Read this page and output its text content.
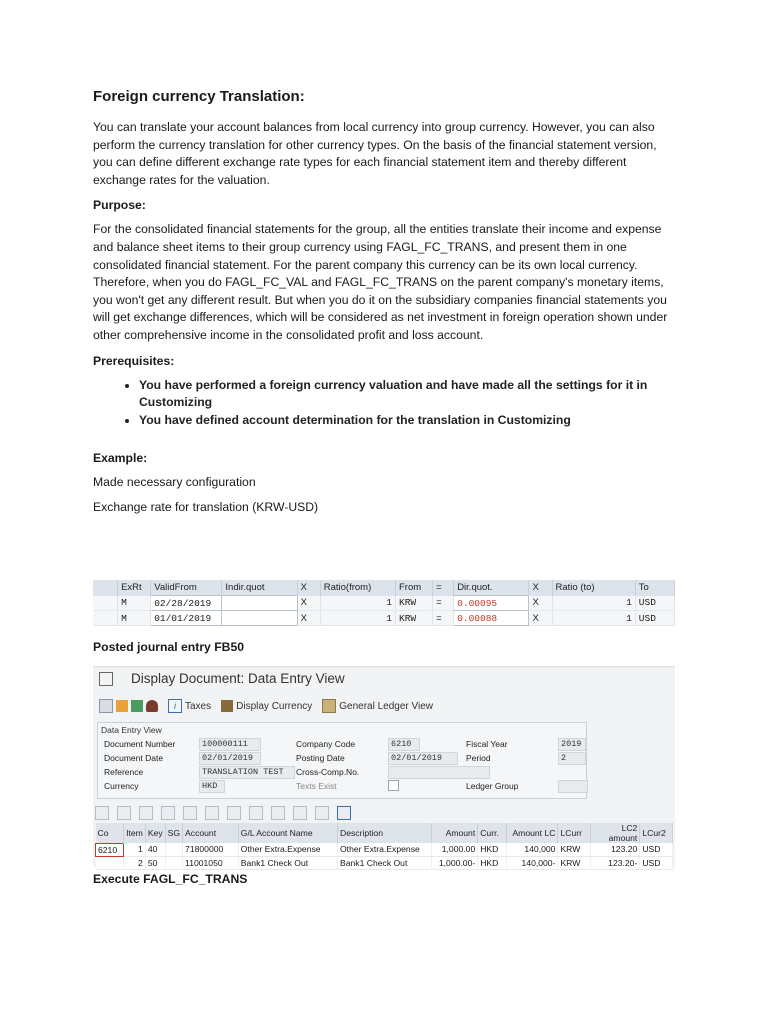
Foreign currency Translation:

You can translate your account balances from local currency into group currency. However, you can also perform the currency translation for other currency types. On the basis of the financial statement version, you can define different exchange rate types for each financial statement item and thereby different exchange rates for the valuation.

Purpose:

For the consolidated financial statements for the group, all the entities translate their income and expense and balance sheet items to their group currency using FAGL_FC_TRANS, and present them in one consolidated financial statement. For the parent company this currency can be its own local currency. Therefore, when you do FAGL_FC_VAL and FAGL_FC_TRANS on the parent company's monetary items, you won't get any different result. But when you do it on the subsidiary companies financial statements you will get exchange differences, which will be considered as net investment in foreign operation shown under other comprehensive income in the consolidated profit and loss account.

Prerequisites:
• You have performed a foreign currency valuation and have made all the settings for it in Customizing
• You have defined account determination for the translation in Customizing
Example:
Made necessary configuration
Exchange rate for translation (KRW-USD)
	ExRt	ValidFrom	Indir.quot	X	Ratio(from)	From	=	Dir.quot.	X	Ratio (to)	To
	M	02/28/2019		X	1	KRW	=	0.00095	X	1	USD
	M	01/01/2019		X	1	KRW	=	0.00088	X	1	USD
Posted journal entry FB50
Display Document: Data Entry View
i Taxes	Display Currency	General Ledger View
Data Entry View
Document Number	100000111	Company Code	6210	Fiscal Year	2019
Document Date	02/01/2019	Posting Date	02/01/2019	Period	2
Reference	TRANSLATION TEST	Cross-Comp.No.
Currency	HKD	Texts Exist	Ledger Group
Co	Item	Key	SG	Account	G/L Account Name	Description	Amount	Curr.	Amount LC	LCurr	LC2 amount	LCur2
6210	1	40		71800000	Other Extra.Expense	Other Extra.Expense	1,000.00	HKD	140,000	KRW	123.20	USD
	2	50		11001050	Bank1 Check Out	Bank1 Check Out	1,000.00-	HKD	140,000-	KRW	123.20-	USD
Execute FAGL_FC_TRANS
